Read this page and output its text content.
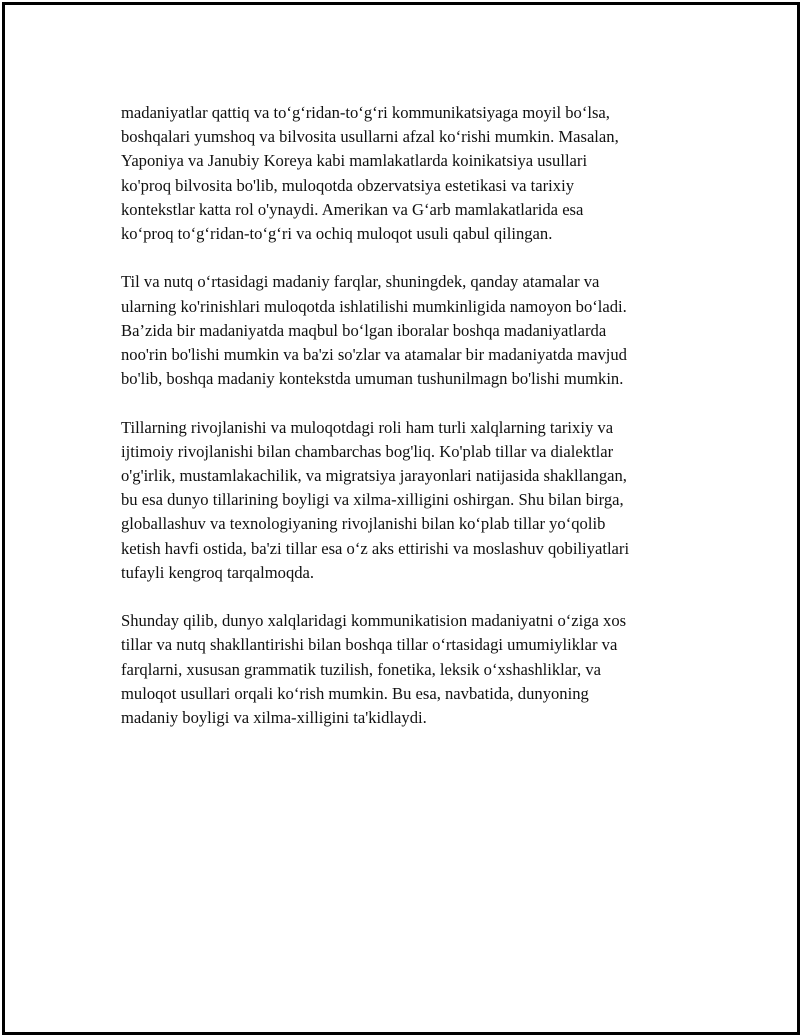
madaniyatlar qattiq va to‘g‘ridan-to‘g‘ri kommunikatsiyaga moyil bo‘lsa,
boshqalari yumshoq va bilvosita usullarni afzal ko‘rishi mumkin. Masalan,
Yaponiya va Janubiy Koreya kabi mamlakatlarda koinikatsiya usullari
ko'proq bilvosita bo'lib, muloqotda obzervatsiya estetikasi va tarixiy
kontekstlar katta rol o'ynaydi. Amerikan va G‘arb mamlakatlarida esa
ko‘proq to‘g‘ridan-to‘g‘ri va ochiq muloqot usuli qabul qilingan.

Til va nutq o‘rtasidagi madaniy farqlar, shuningdek, qanday atamalar va
ularning ko'rinishlari muloqotda ishlatilishi mumkinligida namoyon bo‘ladi.
Ba’zida bir madaniyatda maqbul bo‘lgan iboralar boshqa madaniyatlarda
noo'rin bo'lishi mumkin va ba'zi so'zlar va atamalar bir madaniyatda mavjud
bo'lib, boshqa madaniy kontekstda umuman tushunilmagn bo'lishi mumkin.

Tillarning rivojlanishi va muloqotdagi roli ham turli xalqlarning tarixiy va
ijtimoiy rivojlanishi bilan chambarchas bog'liq. Ko'plab tillar va dialektlar
o'g'irlik, mustamlakachilik, va migratsiya jarayonlari natijasida shakllangan,
bu esa dunyo tillarining boyligi va xilma-xilligini oshirgan. Shu bilan birga,
globallashuv va texnologiyaning rivojlanishi bilan ko‘plab tillar yo‘qolib
ketish havfi ostida, ba'zi tillar esa o‘z aks ettirishi va moslashuv qobiliyatlari
tufayli kengroq tarqalmoqda.

Shunday qilib, dunyo xalqlaridagi kommunikatision madaniyatni o‘ziga xos
tillar va nutq shakllantirishi bilan boshqa tillar o‘rtasidagi umumiyliklar va
farqlarni, xususan grammatik tuzilish, fonetika, leksik o‘xshashliklar, va
muloqot usullari orqali ko‘rish mumkin. Bu esa, navbatida, dunyoning
madaniy boyligi va xilma-xilligini ta'kidlaydi.
